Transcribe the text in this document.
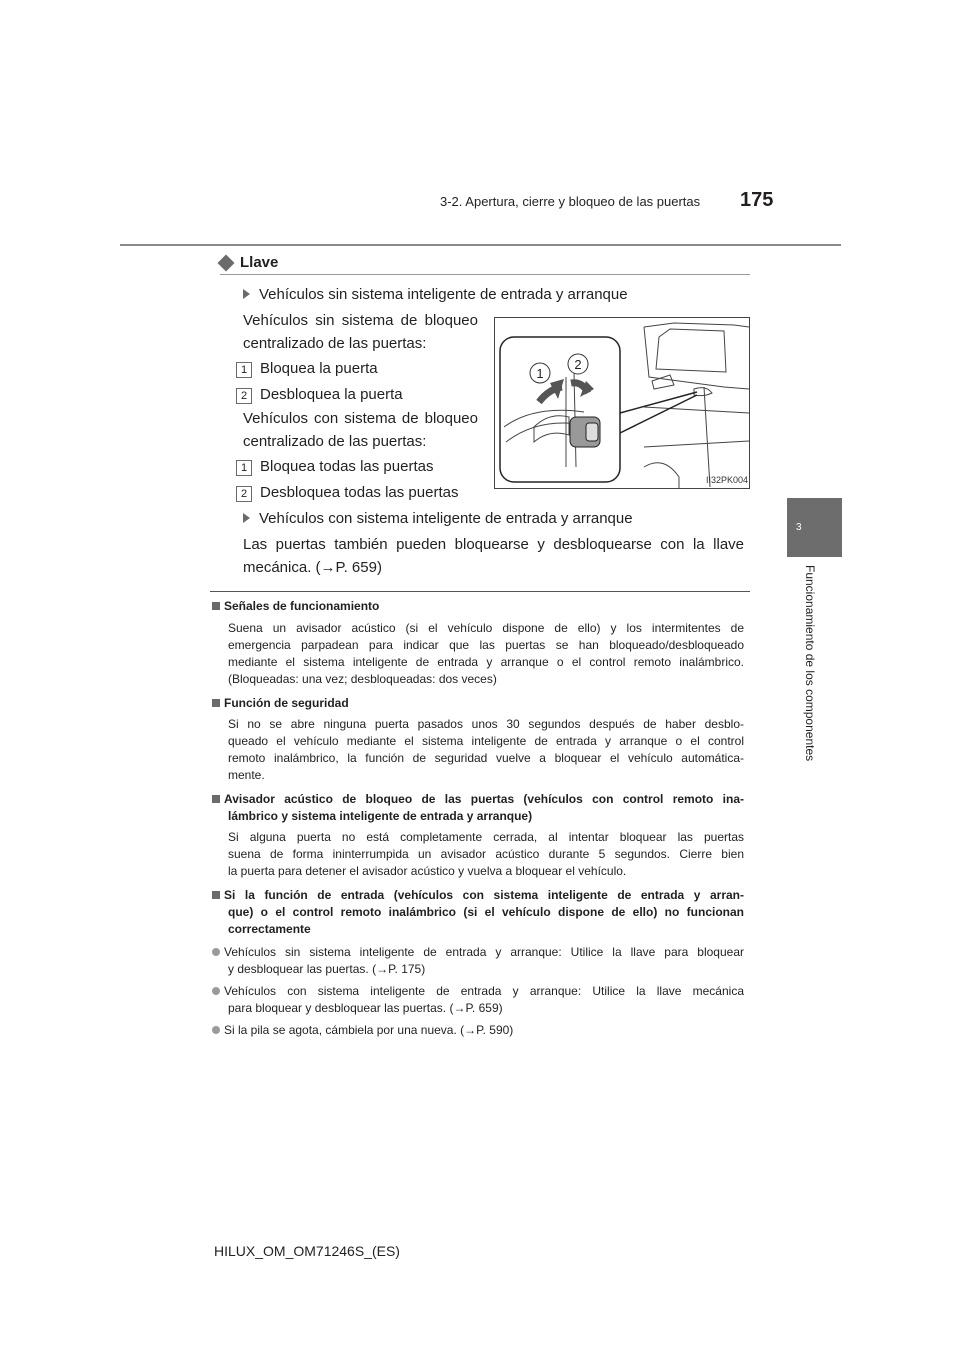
3-2. Apertura, cierre y bloqueo de las puertas 175
3
Funcionamiento de los componentes
Llave
Vehículos sin sistema inteligente de entrada y arranque
Vehículos sin sistema de bloqueo
centralizado de las puertas:
1 Bloquea la puerta
2 Desbloquea la puerta
Vehículos con sistema de bloqueo
centralizado de las puertas:
1 Bloquea todas las puertas
2 Desbloquea todas las puertas
1
2
II32PK004
Vehículos con sistema inteligente de entrada y arranque
Las puertas también pueden bloquearse y desbloquearse con la llave
mecánica. (→P. 659)
Señales de funcionamiento
Suena un avisador acústico (si el vehículo dispone de ello) y los intermitentes de
emergencia parpadean para indicar que las puertas se han bloqueado/desbloqueado
mediante el sistema inteligente de entrada y arranque o el control remoto inalámbrico.
(Bloqueadas: una vez; desbloqueadas: dos veces)
Función de seguridad
Si no se abre ninguna puerta pasados unos 30 segundos después de haber desblo-
queado el vehículo mediante el sistema inteligente de entrada y arranque o el control
remoto inalámbrico, la función de seguridad vuelve a bloquear el vehículo automática-
mente.
Avisador acústico de bloqueo de las puertas (vehículos con control remoto ina-
lámbrico y sistema inteligente de entrada y arranque)
Si alguna puerta no está completamente cerrada, al intentar bloquear las puertas
suena de forma ininterrumpida un avisador acústico durante 5 segundos. Cierre bien
la puerta para detener el avisador acústico y vuelva a bloquear el vehículo.
Si la función de entrada (vehículos con sistema inteligente de entrada y arran-
que) o el control remoto inalámbrico (si el vehículo dispone de ello) no funcionan
correctamente
Vehículos sin sistema inteligente de entrada y arranque: Utilice la llave para bloquear
y desbloquear las puertas. (→P. 175)
Vehículos con sistema inteligente de entrada y arranque: Utilice la llave mecánica
para bloquear y desbloquear las puertas. (→P. 659)
Si la pila se agota, cámbiela por una nueva. (→P. 590)
HILUX_OM_OM71246S_(ES)
